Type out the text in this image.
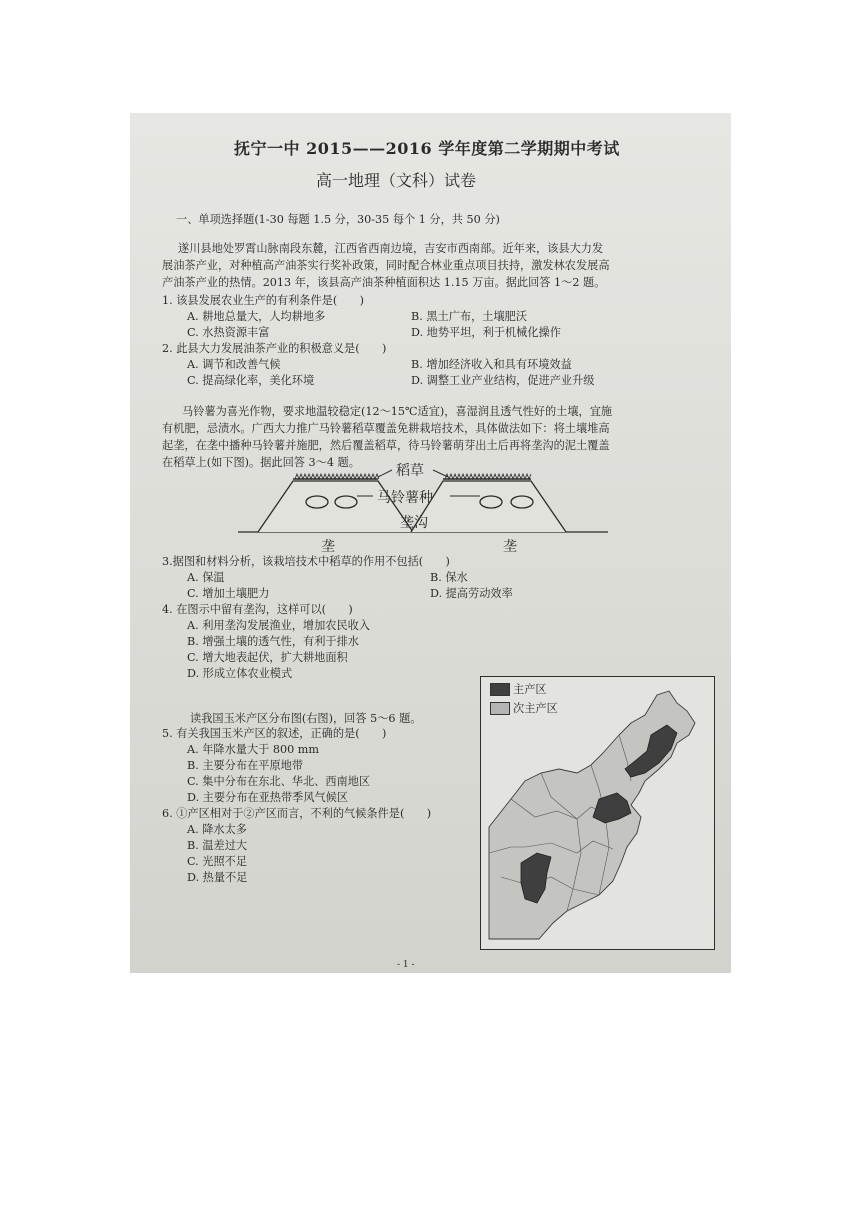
抚宁一中 2015——2016 学年度第二学期期中考试
高一地理（文科）试卷
一、单项选择题(1-30 每题 1.5 分，30-35 每个 1 分，共 50 分)
遂川县地处罗霄山脉南段东麓，江西省西南边境，吉安市西南部。近年来，该县大力发
展油茶产业，对种植高产油茶实行奖补政策，同时配合林业重点项目扶持，激发林农发展高
产油茶产业的热情。2013 年，该县高产油茶种植面积达 1.15 万亩。据此回答 1～2 题。
1. 该县发展农业生产的有利条件是(　　)
A. 耕地总量大，人均耕地多	B. 黑土广布，土壤肥沃
C. 水热资源丰富	D. 地势平坦，利于机械化操作
2. 此县大力发展油茶产业的积极意义是(　　)
A. 调节和改善气候	B. 增加经济收入和具有环境效益
C. 提高绿化率，美化环境	D. 调整工业产业结构，促进产业升级
马铃薯为喜光作物，要求地温较稳定(12～15℃适宜)，喜湿润且透气性好的土壤，宜施
有机肥，忌渍水。广西大力推广马铃薯稻草覆盖免耕栽培技术，具体做法如下：将土壤堆高
起垄，在垄中播种马铃薯并施肥，然后覆盖稻草，待马铃薯萌芽出土后再将垄沟的泥土覆盖
在稻草上(如下图)。据此回答 3～4 题。
稻草
马铃薯种
垄沟
垄	垄
3.据图和材料分析，该栽培技术中稻草的作用不包括(　　)
A. 保温	B. 保水
C. 增加土壤肥力	D. 提高劳动效率
4. 在图示中留有垄沟，这样可以(　　)
A. 利用垄沟发展渔业，增加农民收入
B. 增强土壤的透气性，有利于排水
C. 增大地表起伏，扩大耕地面积
D. 形成立体农业模式
读我国玉米产区分布图(右图)，回答 5～6 题。
5. 有关我国玉米产区的叙述，正确的是(　　)
A. 年降水量大于 800 mm
B. 主要分布在平原地带
C. 集中分布在东北、华北、西南地区
D. 主要分布在亚热带季风气候区
6. ①产区相对于②产区而言，不利的气候条件是(　　)
A. 降水太多
B. 温差过大
C. 光照不足
D. 热量不足
主产区
次主产区
- 1 -
